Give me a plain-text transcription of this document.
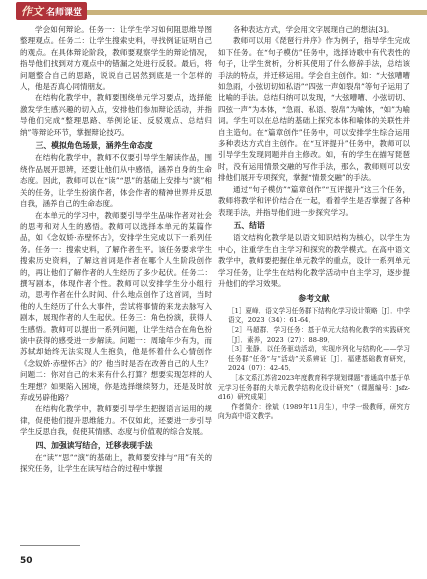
作文 名师课堂

学会如何辩论。任务一：让学生学习如何阻思维导图整理观点。任务二：让学生搜索史料，寻找例证证明自己的观点。在具体辩论阶段，教师要观察学生的辩论情况，指导他们找到对方观点中的错漏之处进行反驳。最后，将问题整合自己的思路，说说自己居然到底是一个怎样的人，他是否真心同情朋友。

在结构化教学中，教师要围绕单元学习要点，选择能激发学生感兴趣的切入点，安排他们参加辩论活动，并指导他们完成“整理思路、举例论证、反驳观点、总结归纳”等辩论环节，掌握辩论技巧。

三、模拟角色场景，涵养生命态度

在结构化教学中，教师不仅要引导学生解读作品，围绕作品展开思辨，还要让他们从中感悟，涵养自身的生命态度。因此，教师可以在“读”“思”的基础上安排与“演”相关的任务，让学生扮演作者，体会作者的精神世界并反思自我，涵养自己的生命态度。

在本单元的学习中，教师要引导学生品味作者对社会的思考和对人生的感悟。教师可以选择本单元的某篇作品，如《念奴娇·赤壁怀古》，安排学生完成以下一系列任务。任务一：搜索史料，了解作者生平。该任务要求学生搜索历史资料，了解这首词是作者在哪个人生阶段创作的，再让他们了解作者的人生经历了多少起伏。任务二：撰写剧本，体现作者个性。教师可以安排学生分小组行动，思考作者在什么时间、什么地点创作了这首词，当时他的人生经历了什么大事件，尝试将事情的来龙去脉写入剧本，展现作者的人生起伏。任务三：角色扮演，获得人生感悟。教师可以提出一系列问题，让学生结合在角色扮演中获得的感受进一步解读。问题一：周瑜年少有为，而苏轼却始终无法实现人生抱负，他是怀着什么心情创作《念奴娇·赤壁怀古》的？他当时是否在改善自己的人生？问题二：你对自己的未来有什么打算？想要实现怎样的人生理想？如果陷入困境，你是选择继续努力，还是及时放弃或另辟他路？

在结构化教学中，教师要引导学生把握语言运用的规律，促使他们提升思维能力。不仅如此，还要进一步引导学生反思自我，促使其情感、态度与价值观的综合发展。

四、加强读写结合，迁移表现手法

在“读”“思”“演”的基础上，教师要安排与“用”有关的探究任务，让学生在读写结合的过程中掌握

各种表达方式，学会用文字展现自己的想法[3]。

教师可以用《琵琶行并序》作为例子，指导学生完成如下任务。在“句子模仿”任务中，选择诗歌中有代表性的句子，让学生赏析，分析其使用了什么修辞手法，总结该手法的特点，并迁移运用。学会自主创作。如：“大弦嘈嘈如急雨，小弦切切如私语”“四弦一声如裂帛”等句子运用了比喻的手法。总结归纳可以发现，“大弦嘈嘈、小弦切切、四弦一声”为本体，“急雨、私语、裂帛”为喻体，“如”为喻词。学生可以在总结的基础上探究本体和喻体的关联性并自主造句。在“篇章创作”任务中，可以安排学生综合运用多种表达方式自主创作。在“互评提升”任务中，教师可以引导学生发现同题并自主修改。如，有的学生在描写琵琶时，没有运用情景交融的写作手法，那么，教师则可以安排他们展开专项探究，掌握“情景交融”的手法。

通过“句子模仿”“篇章创作”“互评提升”这三个任务，教师将教学和评价结合在一起，看着学生是否掌握了各种表现手法，并指导他们进一步探究学习。

五、结语

语文结构化教学是以语文知识结构为核心，以学生为中心，注重学生自主学习和探究的教学模式。在高中语文教学中，教师要把握住单元教学的重点，设计一系列单元学习任务，让学生在结构化教学活动中自主学习，逐步提升他们的学习效果。

参考文献

［1］夏峰．语文学习任务群下结构化学习设计策略［J］．中学语文，2023（34）：61-64．

［2］马超群．学习任务：基于单元大结构化教学的实践研究［J］．素养，2023（27）：88-89．

［3］张静．以任务驱动活动，实现序列化与结构化——学习任务群“任务”与“活动”关系辨证［J］．福建基础教育研究，2024（07）：42-45．

［本文系江苏省2023年度教育科学规划课题“普通高中基于单元学习任务群的大单元教学结构化设计研究”（课题编号：Jsfz-d16）研究成果］

作者简介：徐斌（1989年11月生），中学一级教师，研究方向为高中语文教学。

50
